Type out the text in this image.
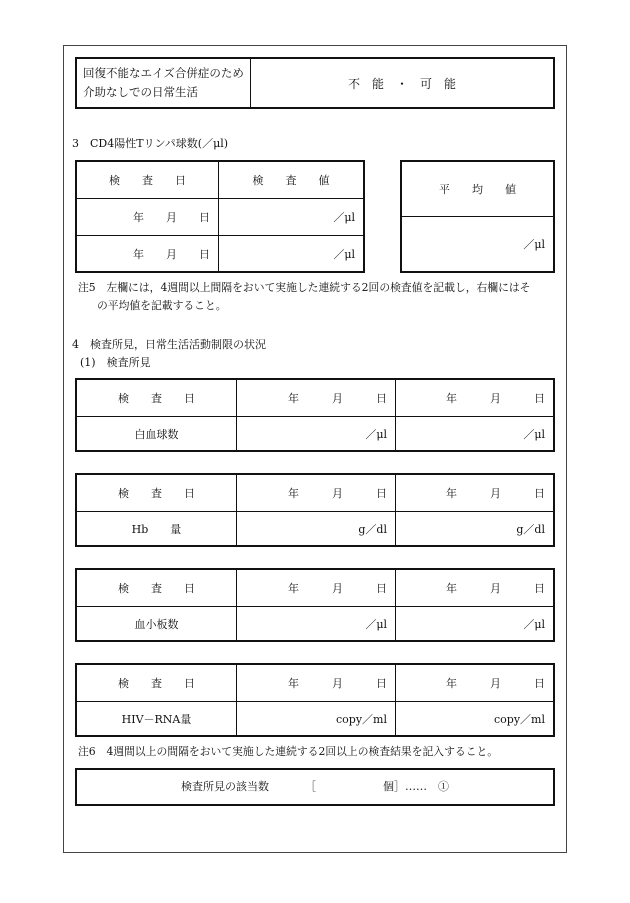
回復不能なエイズ合併症のため
介助なしでの日常生活
不　能　・　可　能
3　CD4陽性Tリンパ球数(／μl)
検　　査　　日	検　　査　　値
年　　月　　日	／μl
年　　月　　日	／μl
平　　均　　値
／μl
注5　左欄には，4週間以上間隔をおいて実施した連続する2回の検査値を記載し，右欄にはそ
の平均値を記載すること。
4　検査所見，日常生活活動制限の状況
(1)　検査所見
検　　査　　日	年　　　月　　　日	年　　　月　　　日
白血球数	／μl	／μl
検　　査　　日	年　　　月　　　日	年　　　月　　　日
Hb　　量	g／dl	g／dl
検　　査　　日	年　　　月　　　日	年　　　月　　　日
血小板数	／μl	／μl
検　　査　　日	年　　　月　　　日	年　　　月　　　日
HIV－RNA量	copy／ml	copy／ml
注6　4週間以上の間隔をおいて実施した連続する2回以上の検査結果を記入すること。
検査所見の該当数	［	個］……　①
